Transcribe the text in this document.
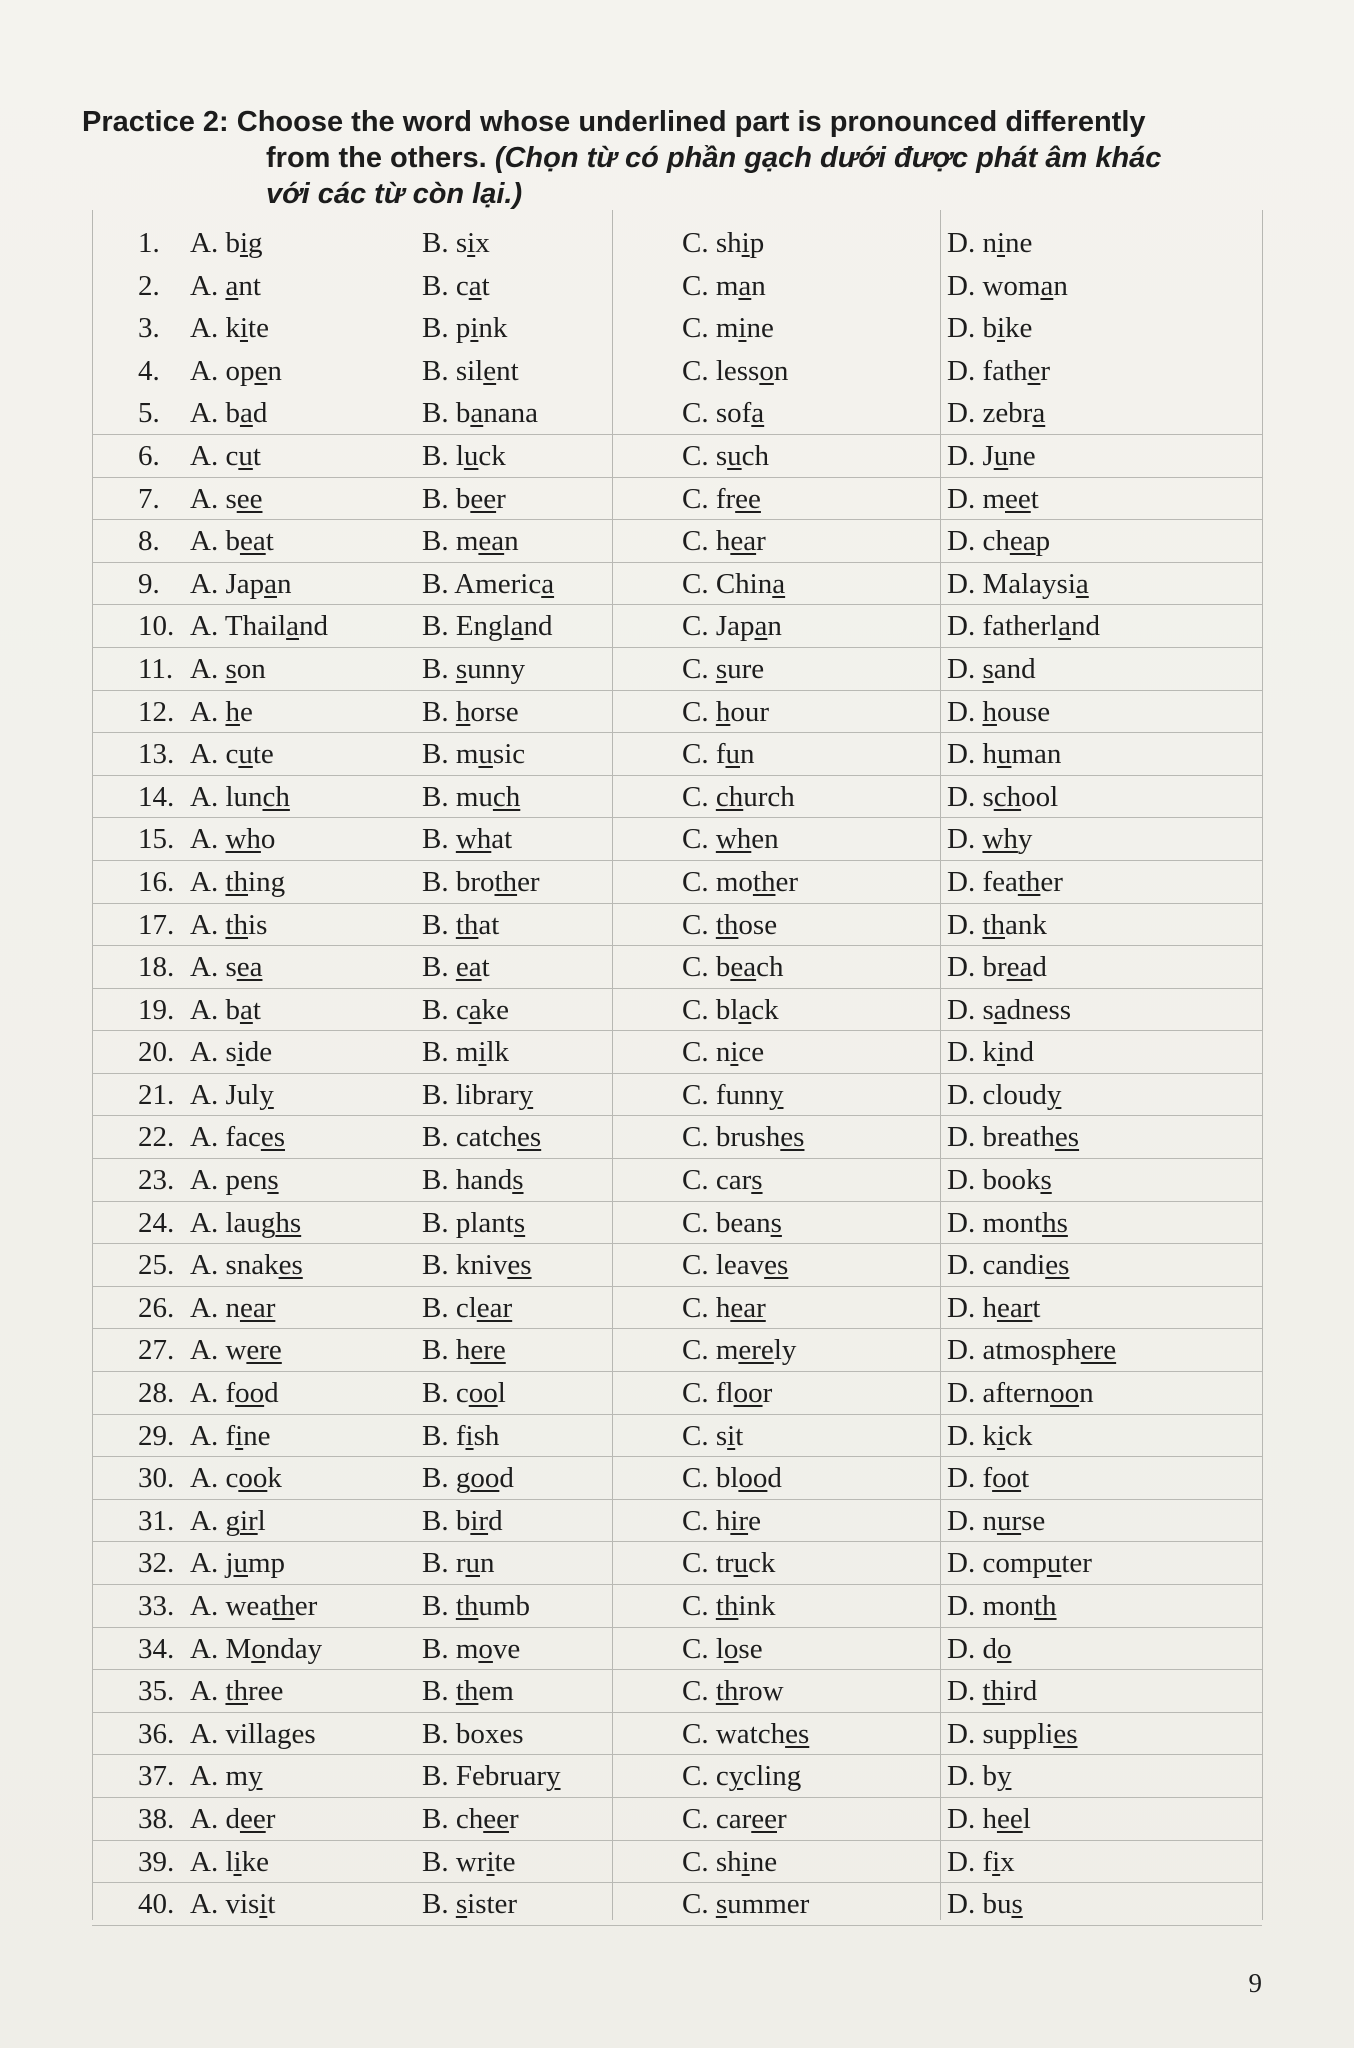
Practice 2: Choose the word whose underlined part is pronounced differently
from the others. (Chọn từ có phần gạch dưới được phát âm khác
với các từ còn lại.)
1.	A. big	B. six	C. ship	D. nine
2.	A. ant	B. cat	C. man	D. woman
3.	A. kite	B. pink	C. mine	D. bike
4.	A. open	B. silent	C. lesson	D. father
5.	A. bad	B. banana	C. sofa	D. zebra
6.	A. cut	B. luck	C. such	D. June
7.	A. see	B. beer	C. free	D. meet
8.	A. beat	B. mean	C. hear	D. cheap
9.	A. Japan	B. America	C. China	D. Malaysia
10. A. Thailand	B. England	C. Japan	D. fatherland
11. A. son	B. sunny	C. sure	D. sand
12. A. he	B. horse	C. hour	D. house
13. A. cute	B. music	C. fun	D. human
14. A. lunch	B. much	C. church	D. school
15. A. who	B. what	C. when	D. why
16. A. thing	B. brother	C. mother	D. feather
17. A. this	B. that	C. those	D. thank
18. A. sea	B. eat	C. beach	D. bread
19. A. bat	B. cake	C. black	D. sadness
20. A. side	B. milk	C. nice	D. kind
21. A. July	B. library	C. funny	D. cloudy
22. A. faces	B. catches	C. brushes	D. breathes
23. A. pens	B. hands	C. cars	D. books
24. A. laughs	B. plants	C. beans	D. months
25. A. snakes	B. knives	C. leaves	D. candies
26. A. near	B. clear	C. hear	D. heart
27. A. were	B. here	C. merely	D. atmosphere
28. A. food	B. cool	C. floor	D. afternoon
29. A. fine	B. fish	C. sit	D. kick
30. A. cook	B. good	C. blood	D. foot
31. A. girl	B. bird	C. hire	D. nurse
32. A. jump	B. run	C. truck	D. computer
33. A. weather	B. thumb	C. think	D. month
34. A. Monday	B. move	C. lose	D. do
35. A. three	B. them	C. throw	D. third
36. A. villages	B. boxes	C. watches	D. supplies
37. A. my	B. February	C. cycling	D. by
38. A. deer	B. cheer	C. career	D. heel
39. A. like	B. write	C. shine	D. fix
40. A. visit	B. sister	C. summer	D. bus
9
